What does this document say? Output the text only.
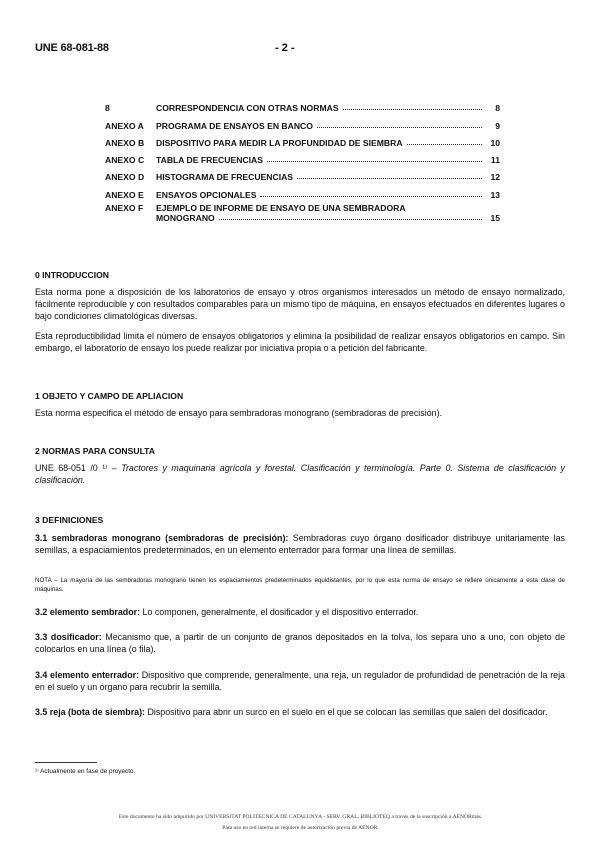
UNE 68-081-88	- 2 -
8	CORRESPONDENCIA CON OTRAS NORMAS	8
ANEXO A	PROGRAMA DE ENSAYOS EN BANCO	9
ANEXO B	DISPOSITIVO PARA MEDIR LA PROFUNDIDAD DE SIEMBRA	10
ANEXO C	TABLA DE FRECUENCIAS	11
ANEXO D	HISTOGRAMA DE FRECUENCIAS	12
ANEXO E	ENSAYOS OPCIONALES	13
ANEXO F	EJEMPLO DE INFORME DE ENSAYO DE UNA SEMBRADORA
MONOGRANO	15
0 INTRODUCCION
Esta norma pone a disposición de los laboratorios de ensayo y otros organismos interesados un método de ensayo normalizado, fácilmente reproducible y con resultados comparables para un mismo tipo de máquina, en ensayos efectuados en diferentes lugares o bajo condiciones climatológicas diversas.
Esta reproductibilidad limita el número de ensayos obligatorios y elimina la posibilidad de realizar ensayos obligatorios en campo. Sin embargo, el laboratorio de ensayo los puede realizar por iniciativa propia o a petición del fabricante.
1 OBJETO Y CAMPO DE APLIACION
Esta norma especifica el método de ensayo para sembradoras monograno (sembradoras de precisión).
2 NORMAS PARA CONSULTA
UNE 68-051 /0 ¹⁾ – Tractores y maquinaria agrícola y forestal. Clasificación y terminología. Parte 0. Sistema de clasificación y clasificación.
3 DEFINICIONES
3.1 sembradoras monograno (sembradoras de precisión): Sembradoras cuyo órgano dosificador distribuye unitariamente las semillas, a espaciamientos predeterminados, en un elemento enterrador para formar una línea de semillas.
NOTA – La mayoría de las sembradoras monograno tienen los espaciamientos predeterminados equidistantes, por lo que esta norma de ensayo se refiere únicamente a esta clase de máquinas.
3.2 elemento sembrador: Lo componen, generalmente, el dosificador y el dispositivo enterrador.
3.3 dosificador: Mecanismo que, a partir de un conjunto de granos depositados en la tolva, los separa uno a uno, con objeto de colocarlos en una línea (o fila).
3.4 elemento enterrador: Dispositivo que comprende, generalmente, una reja, un regulador de profundidad de penetración de la reja en el suelo y un órgano para recubrir la semilla.
3.5 reja (bota de siembra): Dispositivo para abrir un surco en el suelo en el que se colocan las semillas que salen del dosificador.
¹⁾ Actualmente en fase de proyecto.
Este documento ha sido adquirido por UNIVERSITAT POLITECNICA DE CATALUNYA - SERV. GRAL. BIBLIOTEQ a través de la suscripción a AENORmás.
Para uso en red interna se requiere de autorización previa de AENOR.
